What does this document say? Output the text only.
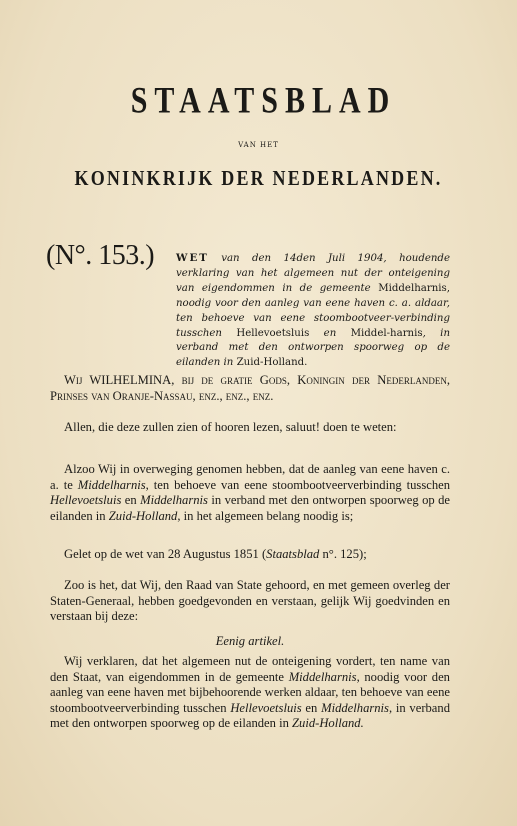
STAATSBLAD
VAN HET
KONINKRIJK DER NEDERLANDEN.
(N°. 153.) WET van den 14den Juli 1904, houdende verklaring van het algemeen nut der onteigening van eigendommen in de gemeente Middelharnis, noodig voor den aanleg van eene haven c. a. aldaar, ten behoeve van eene stoombootveer-verbinding tusschen Hellevoetsluis en Middel-harnis, in verband met den ontworpen spoorweg op de eilanden in Zuid-Holland.

Wij WILHELMINA, bij de gratie Gods, Koningin der Nederlanden, Prinses van Oranje-Nassau, enz., enz., enz.

Allen, die deze zullen zien of hooren lezen, saluut! doen te weten:

Alzoo Wij in overweging genomen hebben, dat de aanleg van eene haven c. a. te Middelharnis, ten behoeve van eene stoombootveerverbinding tusschen Hellevoetsluis en Middelharnis in verband met den ontworpen spoorweg op de eilanden in Zuid-Holland, in het algemeen belang noodig is;

Gelet op de wet van 28 Augustus 1851 (Staatsblad n°. 125);

Zoo is het, dat Wij, den Raad van State gehoord, en met gemeen overleg der Staten-Generaal, hebben goedgevonden en verstaan, gelijk Wij goedvinden en verstaan bij deze:

Eenig artikel.

Wij verklaren, dat het algemeen nut de onteigening vordert, ten name van den Staat, van eigendommen in de gemeente Middelharnis, noodig voor den aanleg van eene haven met bijbehoorende werken aldaar, ten behoeve van eene stoombootveerverbinding tusschen Hellevoetsluis en Middelharnis, in verband met den ontworpen spoorweg op de eilanden in Zuid-Holland.
